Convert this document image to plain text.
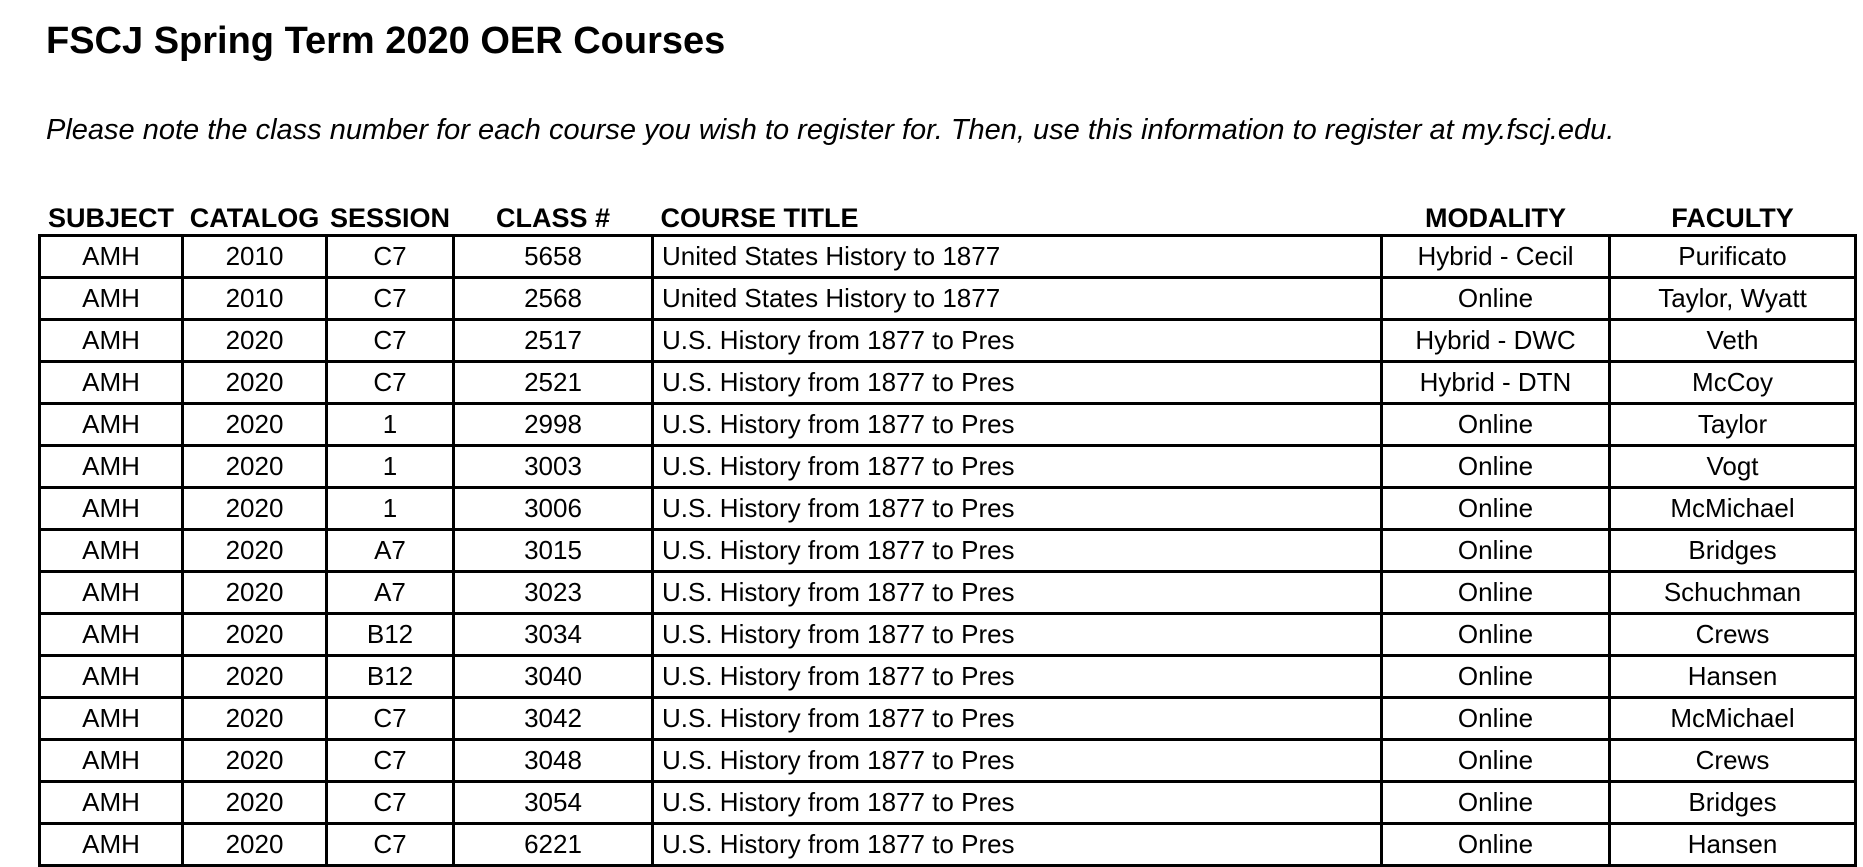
FSCJ Spring Term 2020 OER Courses
Please note the class number for each course you wish to register for. Then, use this information to register at my.fscj.edu.
SUBJECT	CATALOG	SESSION	CLASS #	COURSE TITLE	MODALITY	FACULTY
AMH	2010	C7	5658	United States History to 1877	Hybrid - Cecil	Purificato
AMH	2010	C7	2568	United States History to 1877	Online	Taylor, Wyatt
AMH	2020	C7	2517	U.S. History from 1877 to Pres	Hybrid - DWC	Veth
AMH	2020	C7	2521	U.S. History from 1877 to Pres	Hybrid - DTN	McCoy
AMH	2020	1	2998	U.S. History from 1877 to Pres	Online	Taylor
AMH	2020	1	3003	U.S. History from 1877 to Pres	Online	Vogt
AMH	2020	1	3006	U.S. History from 1877 to Pres	Online	McMichael
AMH	2020	A7	3015	U.S. History from 1877 to Pres	Online	Bridges
AMH	2020	A7	3023	U.S. History from 1877 to Pres	Online	Schuchman
AMH	2020	B12	3034	U.S. History from 1877 to Pres	Online	Crews
AMH	2020	B12	3040	U.S. History from 1877 to Pres	Online	Hansen
AMH	2020	C7	3042	U.S. History from 1877 to Pres	Online	McMichael
AMH	2020	C7	3048	U.S. History from 1877 to Pres	Online	Crews
AMH	2020	C7	3054	U.S. History from 1877 to Pres	Online	Bridges
AMH	2020	C7	6221	U.S. History from 1877 to Pres	Online	Hansen
